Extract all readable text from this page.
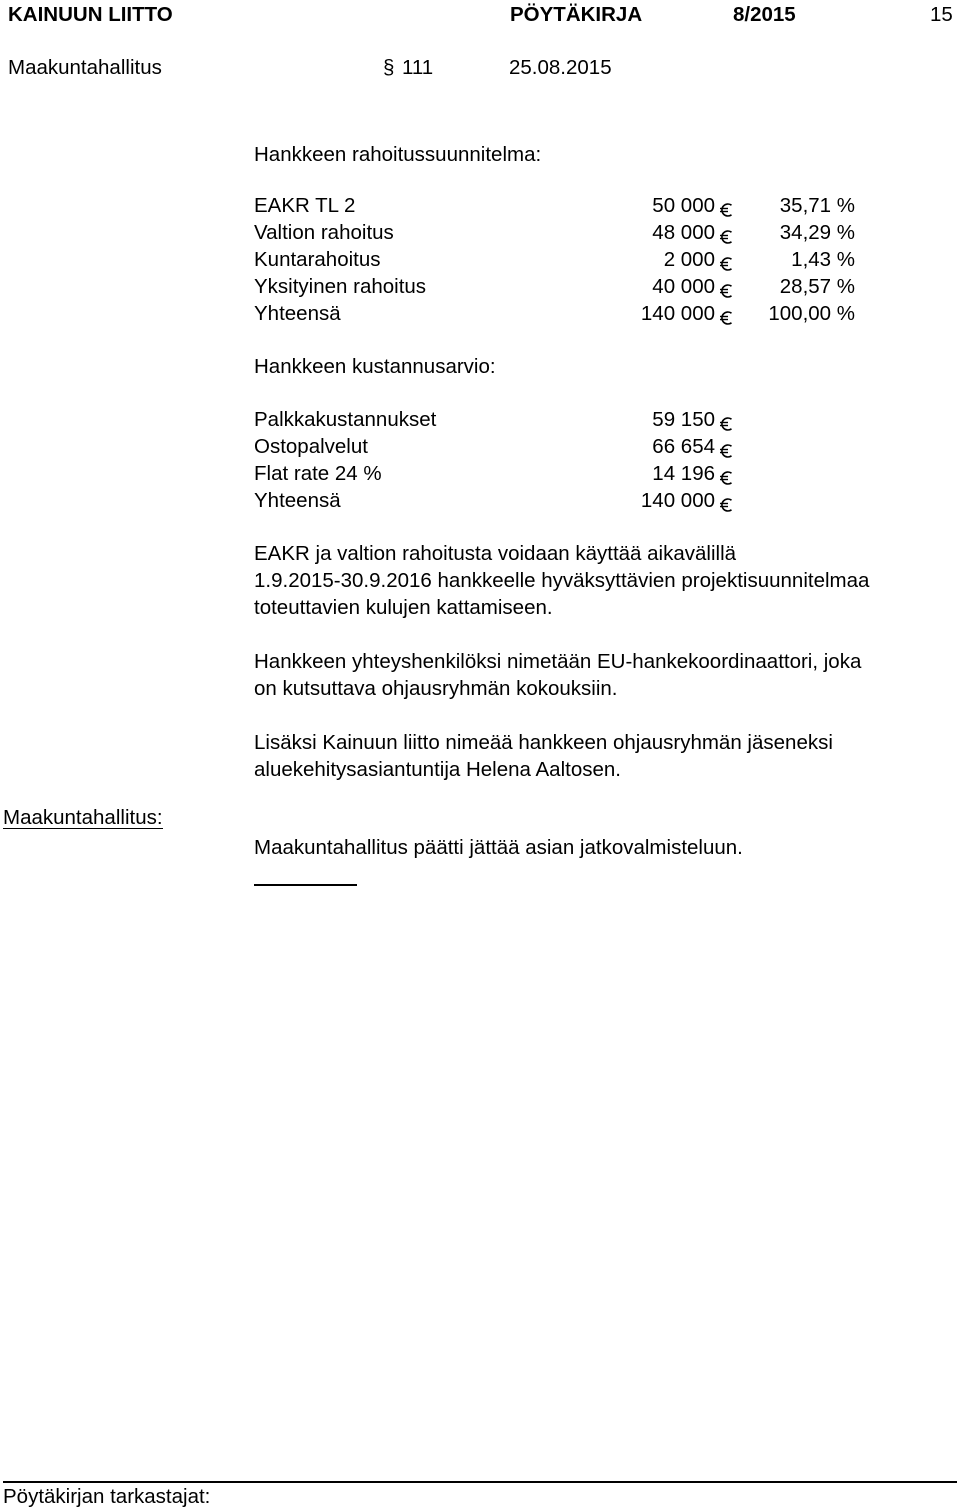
KAINUUN LIITTO	PÖYTÄKIRJA	8/2015	15
Maakuntahallitus	§ 111	25.08.2015
Hankkeen rahoitussuunnitelma:
EAKR TL 2	50 000	35,71 %
Valtion rahoitus	48 000	34,29 %
Kuntarahoitus	2 000	1,43 %
Yksityinen rahoitus	40 000	28,57 %
Yhteensä	140 000	100,00 %
Hankkeen kustannusarvio:
Palkkakustannukset	59 150
Ostopalvelut	66 654
Flat rate 24 %	14 196
Yhteensä	140 000
EAKR ja valtion rahoitusta voidaan käyttää aikavälillä
1.9.2015-30.9.2016 hankkeelle hyväksyttävien projektisuunnitelmaa
toteuttavien kulujen kattamiseen.
Hankkeen yhteyshenkilöksi nimetään EU-hankekoordinaattori, joka
on kutsuttava ohjausryhmän kokouksiin.
Lisäksi Kainuun liitto nimeää hankkeen ohjausryhmän jäseneksi
aluekehitysasiantuntija Helena Aaltosen.
Maakuntahallitus:
Maakuntahallitus päätti jättää asian jatkovalmisteluun.
Pöytäkirjan tarkastajat:
